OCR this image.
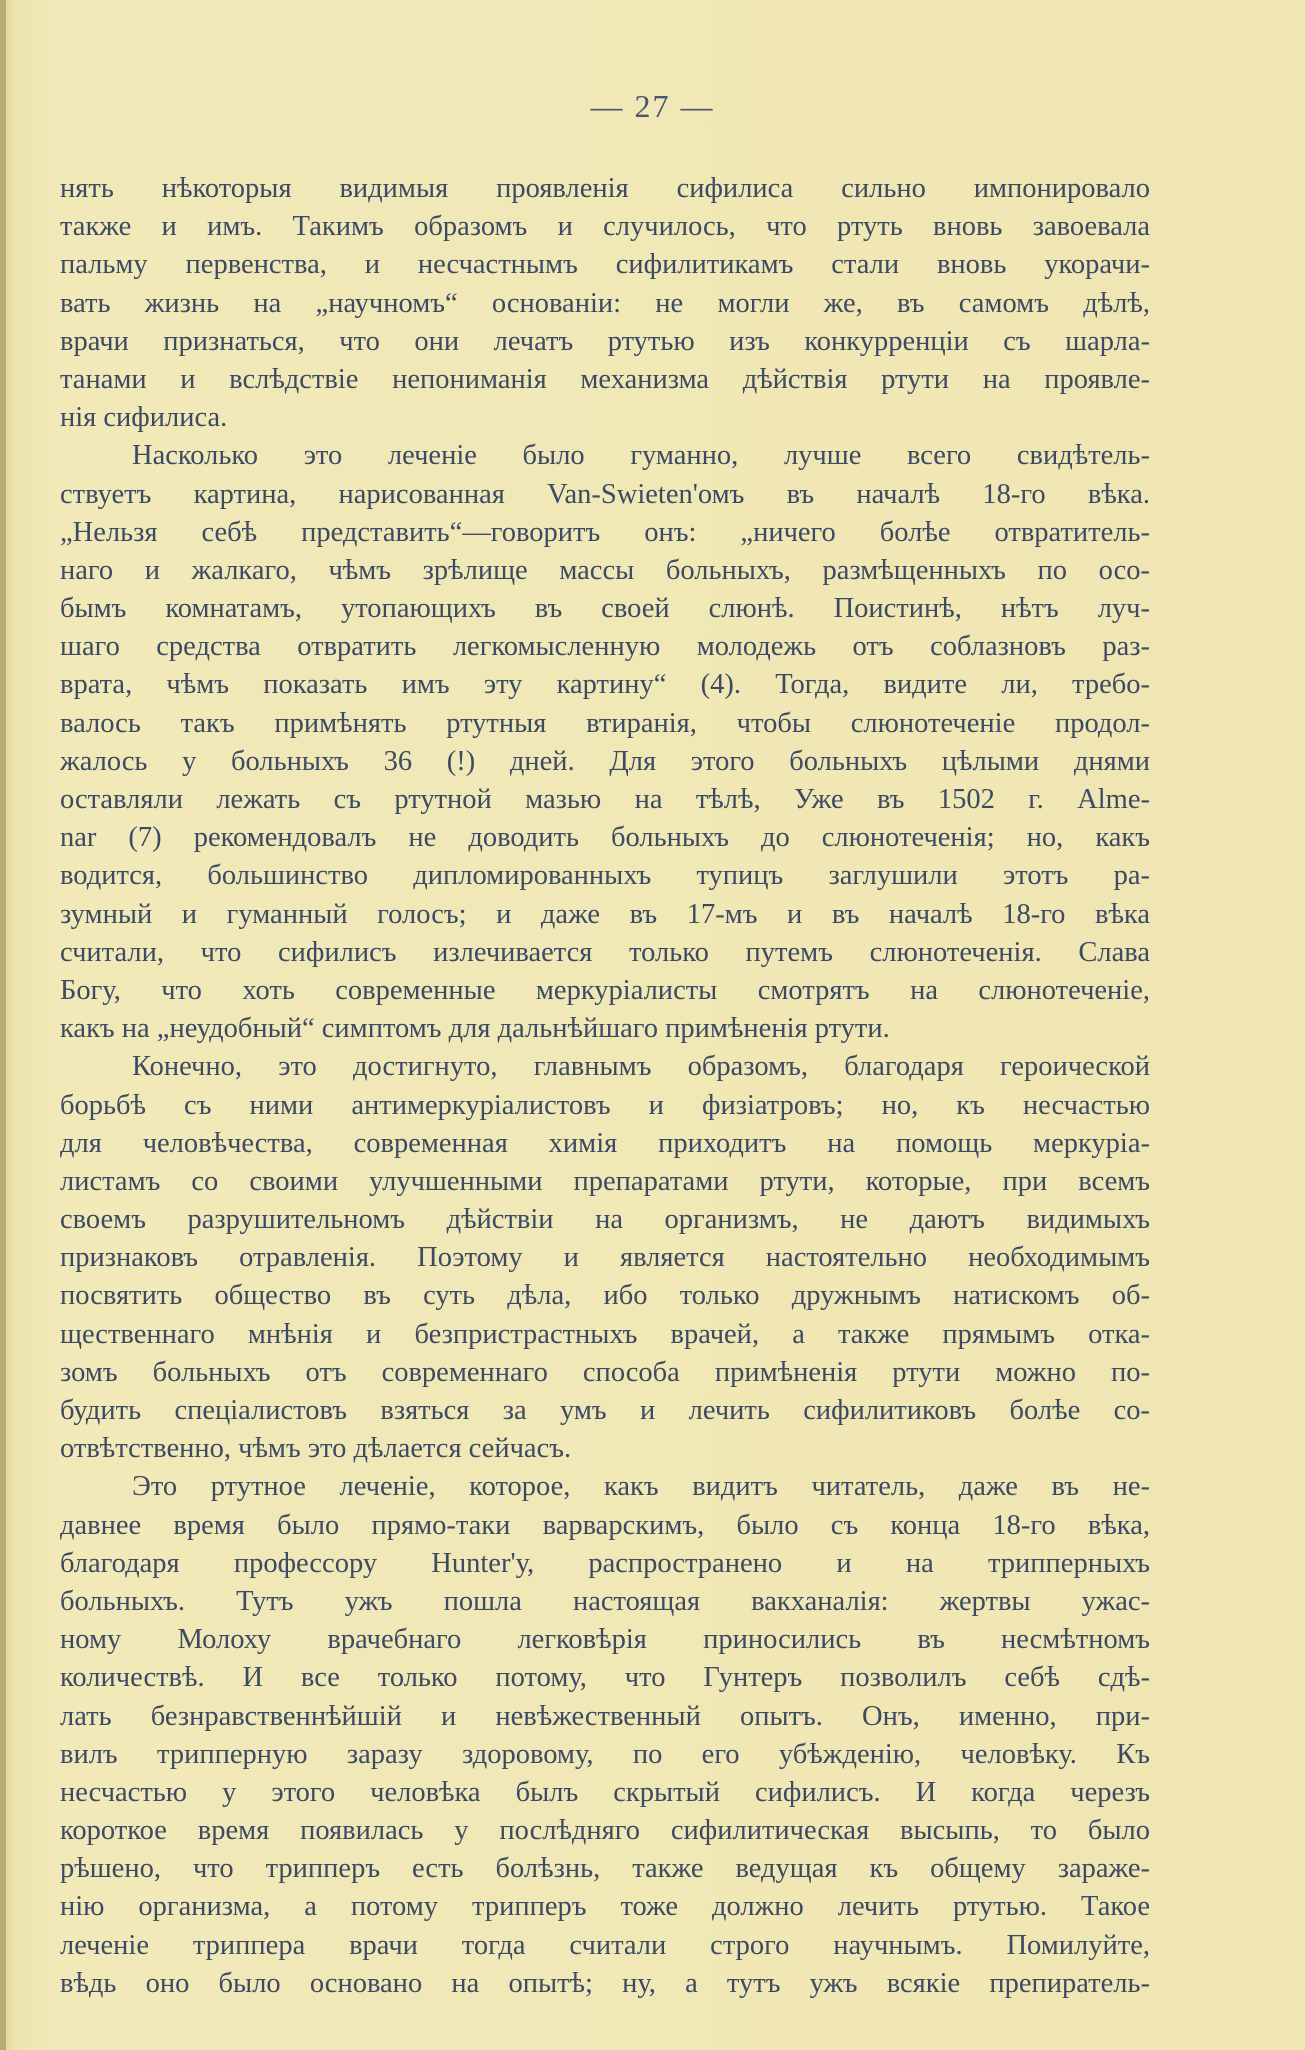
— 27 —
нять нѣкоторыя видимыя проявленія сифилиса сильно импонировало
также и имъ. Такимъ образомъ и случилось, что ртуть вновь завоевала
пальму первенства, и несчастнымъ сифилитикамъ стали вновь укорачи-
вать жизнь на „научномъ“ основаніи: не могли же, въ самомъ дѣлѣ,
врачи признаться, что они лечатъ ртутью изъ конкурренціи съ шарла-
танами и вслѣдствіе непониманія механизма дѣйствія ртути на проявле-
нія сифилиса.
Насколько это леченіе было гуманно, лучше всего свидѣтель-
ствуетъ картина, нарисованная Van-Swieten'омъ въ началѣ 18-го вѣка.
„Нельзя себѣ представить“—говоритъ онъ: „ничего болѣе отвратитель-
наго и жалкаго, чѣмъ зрѣлище массы больныхъ, размѣщенныхъ по осо-
бымъ комнатамъ, утопающихъ въ своей слюнѣ. Поистинѣ, нѣтъ луч-
шаго средства отвратить легкомысленную молодежь отъ соблазновъ раз-
врата, чѣмъ показать имъ эту картину“ (4). Тогда, видите ли, требо-
валось такъ примѣнять ртутныя втиранія, чтобы слюнотеченіе продол-
жалось у больныхъ 36 (!) дней. Для этого больныхъ цѣлыми днями
оставляли лежать съ ртутной мазью на тѣлѣ, Уже въ 1502 г. Alme-
nar (7) рекомендовалъ не доводить больныхъ до слюнотеченія; но, какъ
водится, большинство дипломированныхъ тупицъ заглушили этотъ ра-
зумный и гуманный голосъ; и даже въ 17-мъ и въ началѣ 18-го вѣка
считали, что сифилисъ излечивается только путемъ слюнотеченія. Слава
Богу, что хоть современные меркуріалисты смотрятъ на слюнотеченіе,
какъ на „неудобный“ симптомъ для дальнѣйшаго примѣненія ртути.
Конечно, это достигнуто, главнымъ образомъ, благодаря героической
борьбѣ съ ними антимеркуріалистовъ и физіатровъ; но, къ несчастью
для человѣчества, современная химія приходитъ на помощь меркуріа-
листамъ со своими улучшенными препаратами ртути, которые, при всемъ
своемъ разрушительномъ дѣйствіи на организмъ, не даютъ видимыхъ
признаковъ отравленія. Поэтому и является настоятельно необходимымъ
посвятить общество въ суть дѣла, ибо только дружнымъ натискомъ об-
щественнаго мнѣнія и безпристрастныхъ врачей, а также прямымъ отка-
зомъ больныхъ отъ современнаго способа примѣненія ртути можно по-
будить спеціалистовъ взяться за умъ и лечить сифилитиковъ болѣе со-
отвѣтственно, чѣмъ это дѣлается сейчасъ.
Это ртутное леченіе, которое, какъ видитъ читатель, даже въ не-
давнее время было прямо-таки варварскимъ, было съ конца 18-го вѣка,
благодаря профессору Hunter'у, распространено и на трипперныхъ
больныхъ. Тутъ ужъ пошла настоящая вакханалія: жертвы ужас-
ному Молоху врачебнаго легковѣрія приносились въ несмѣтномъ
количествѣ. И все только потому, что Гунтеръ позволилъ себѣ сдѣ-
лать безнравственнѣйшій и невѣжественный опытъ. Онъ, именно, при-
вилъ трипперную заразу здоровому, по его убѣжденію, человѣку. Къ
несчастью у этого человѣка былъ скрытый сифилисъ. И когда черезъ
короткое время появилась у послѣдняго сифилитическая высыпь, то было
рѣшено, что трипперъ есть болѣзнь, также ведущая къ общему зараже-
нію организма, а потому трипперъ тоже должно лечить ртутью. Такое
леченіе триппера врачи тогда считали строго научнымъ. Помилуйте,
вѣдь оно было основано на опытѣ; ну, а тутъ ужъ всякіе препиратель-
